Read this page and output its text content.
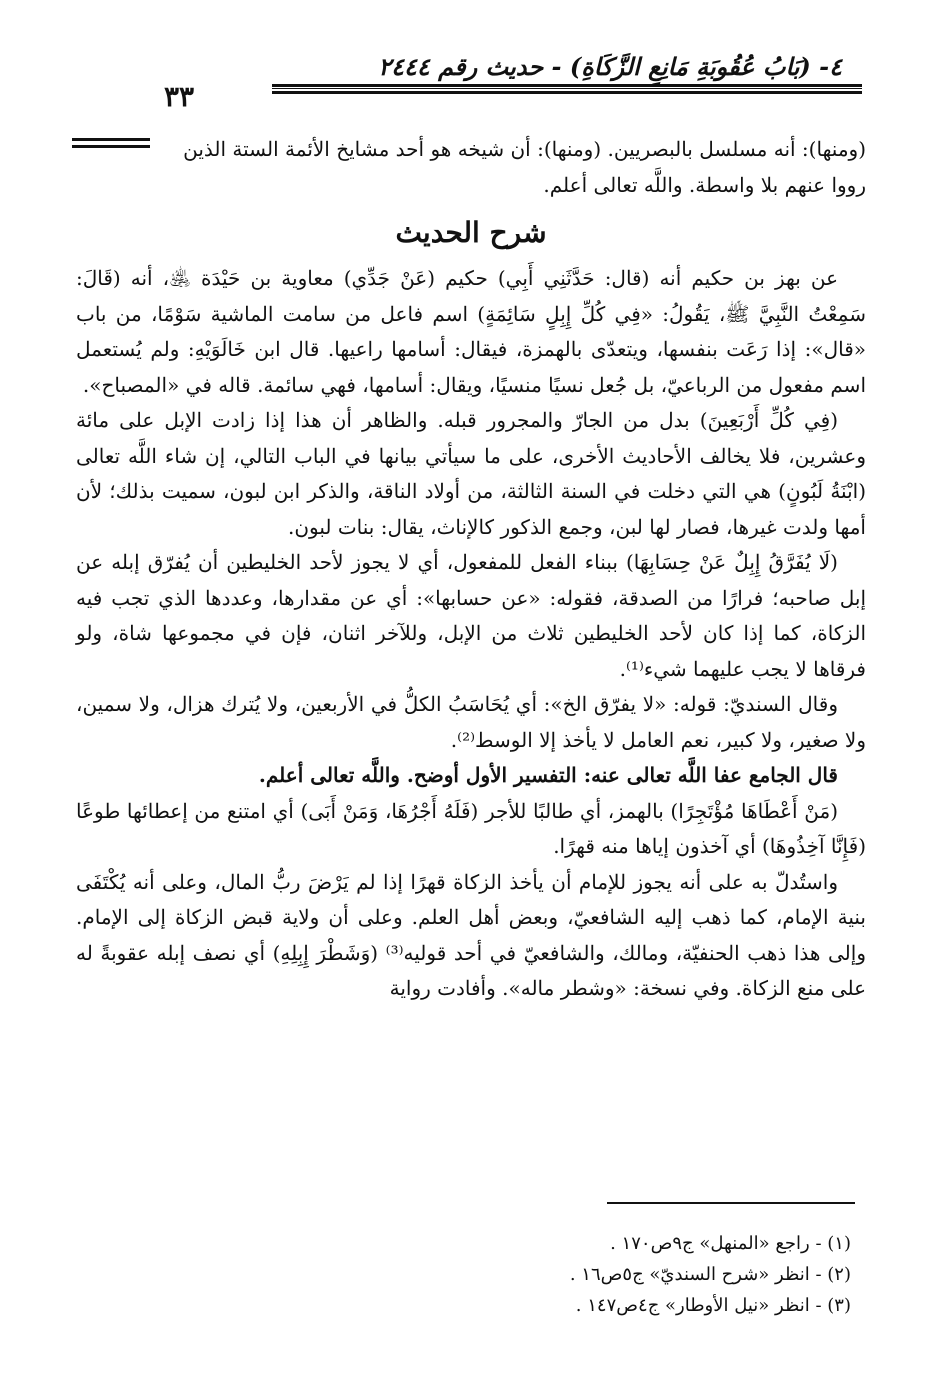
٤- (بَابُ عُقُوبَةِ مَانِعِ الزَّكَاةِ) - حديث رقم ٢٤٤٤
٣٣

(ومنها): أنه مسلسل بالبصريين. (ومنها): أن شيخه هو أحد مشايخ الأئمة الستة الذين

رووا عنهم بلا واسطة. واللَّه تعالى أعلم.

شرح الحديث

عن بهز بن حكيم أنه (قال: حَدَّثَنِي أَبِي) حكيم (عَنْ جَدِّي) معاوية بن حَيْدَة ﵁، أنه (قَالَ: سَمِعْتُ النَّبِيَّ ﷺ، يَقُولُ: «فِي كُلِّ إِبِلٍ سَائِمَةٍ) اسم فاعل من سامت الماشية سَوْمًا، من باب «قال»: إذا رَعَت بنفسها، ويتعدّى بالهمزة، فيقال: أسامها راعيها. قال ابن خَالَوَيْهِ: ولم يُستعمل اسم مفعول من الرباعيّ، بل جُعل نسيًا منسيًا، ويقال: أسامها، فهي سائمة. قاله في «المصباح».

(فِي كُلِّ أَرْبَعِينَ) بدل من الجارّ والمجرور قبله. والظاهر أن هذا إذا زادت الإبل على مائة وعشرين، فلا يخالف الأحاديث الأخرى، على ما سيأتي بيانها في الباب التالي، إن شاء اللَّه تعالى (ابْنَةُ لَبُونٍ) هي التي دخلت في السنة الثالثة، من أولاد الناقة، والذكر ابن لبون، سميت بذلك؛ لأن أمها ولدت غيرها، فصار لها لبن، وجمع الذكور كالإناث، يقال: بنات لبون.

(لَا يُفَرَّقُ إِبِلٌ عَنْ حِسَابِهَا) ببناء الفعل للمفعول، أي لا يجوز لأحد الخليطين أن يُفرّق إبله عن إبل صاحبه؛ فرارًا من الصدقة، فقوله: «عن حسابها»: أي عن مقدارها، وعددها الذي تجب فيه الزكاة، كما إذا كان لأحد الخليطين ثلاث من الإبل، وللآخر اثنان، فإن في مجموعها شاة، ولو فرقاها لا يجب عليهما شيء⁽¹⁾.

وقال السنديّ: قوله: «لا يفرّق الخ»: أي يُحَاسَبُ الكلُّ في الأربعين، ولا يُترك هزال، ولا سمين، ولا صغير، ولا كبير، نعم العامل لا يأخذ إلا الوسط⁽²⁾.

قال الجامع عفا اللَّه تعالى عنه: التفسير الأول أوضح. واللَّه تعالى أعلم.

(مَنْ أَعْطَاهَا مُؤْتَجِرًا) بالهمز، أي طالبًا للأجر (فَلَهُ أَجْرُهَا، وَمَنْ أَبَى) أي امتنع من إعطائها طوعًا (فَإِنَّا آخِذُوهَا) أي آخذون إياها منه قهرًا.

واستُدلّ به على أنه يجوز للإمام أن يأخذ الزكاة قهرًا إذا لم يَرْضَ ربُّ المال، وعلى أنه يُكْتَفَى بنية الإمام، كما ذهب إليه الشافعيّ، وبعض أهل العلم. وعلى أن ولاية قبض الزكاة إلى الإمام. وإلى هذا ذهب الحنفيّة، ومالك، والشافعيّ في أحد قوليه⁽³⁾ (وَشَطْرَ إِبِلِهِ) أي نصف إبله عقوبةً له على منع الزكاة. وفي نسخة: «وشطر ماله». وأفادت رواية

(١) - راجع «المنهل» ج٩ص١٧٠ .
(٢) - انظر «شرح السنديّ» ج٥ص١٦ .
(٣) - انظر «نيل الأوطار» ج٤ص١٤٧ .
